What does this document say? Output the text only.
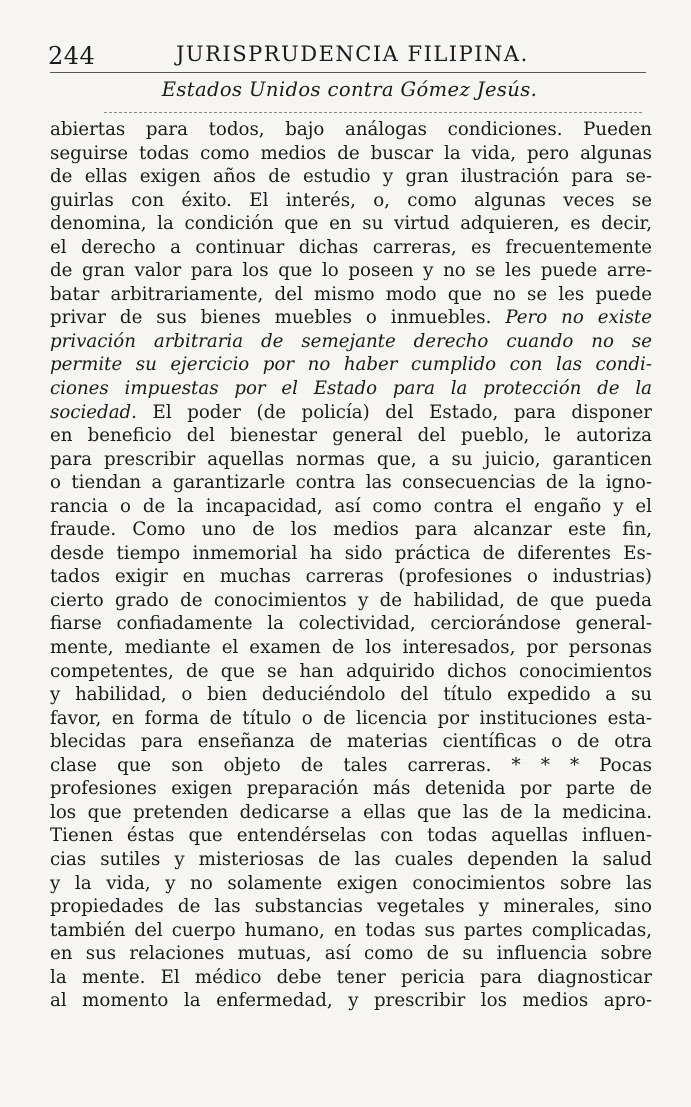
244	JURISPRUDENCIA FILIPINA.
Estados Unidos contra Gómez Jesús.
abiertas para todos, bajo análogas condiciones. Pueden
seguirse todas como medios de buscar la vida, pero algunas
de ellas exigen años de estudio y gran ilustración para se-
guirlas con éxito. El interés, o, como algunas veces se
denomina, la condición que en su virtud adquieren, es decir,
el derecho a continuar dichas carreras, es frecuentemente
de gran valor para los que lo poseen y no se les puede arre-
batar arbitrariamente, del mismo modo que no se les puede
privar de sus bienes muebles o inmuebles. Pero no existe
privación arbitraria de semejante derecho cuando no se
permite su ejercicio por no haber cumplido con las condi-
ciones impuestas por el Estado para la protección de la
sociedad. El poder (de policía) del Estado, para disponer
en beneficio del bienestar general del pueblo, le autoriza
para prescribir aquellas normas que, a su juicio, garanticen
o tiendan a garantizarle contra las consecuencias de la igno-
rancia o de la incapacidad, así como contra el engaño y el
fraude. Como uno de los medios para alcanzar este fin,
desde tiempo inmemorial ha sido práctica de diferentes Es-
tados exigir en muchas carreras (profesiones o industrias)
cierto grado de conocimientos y de habilidad, de que pueda
fiarse confiadamente la colectividad, cerciorándose general-
mente, mediante el examen de los interesados, por personas
competentes, de que se han adquirido dichos conocimientos
y habilidad, o bien deduciéndolo del título expedido a su
favor, en forma de título o de licencia por instituciones esta-
blecidas para enseñanza de materias científicas o de otra
clase que son objeto de tales carreras. * * * Pocas
profesiones exigen preparación más detenida por parte de
los que pretenden dedicarse a ellas que las de la medicina.
Tienen éstas que entendérselas con todas aquellas influen-
cias sutiles y misteriosas de las cuales dependen la salud
y la vida, y no solamente exigen conocimientos sobre las
propiedades de las substancias vegetales y minerales, sino
también del cuerpo humano, en todas sus partes complicadas,
en sus relaciones mutuas, así como de su influencia sobre
la mente. El médico debe tener pericia para diagnosticar
al momento la enfermedad, y prescribir los medios apro-
